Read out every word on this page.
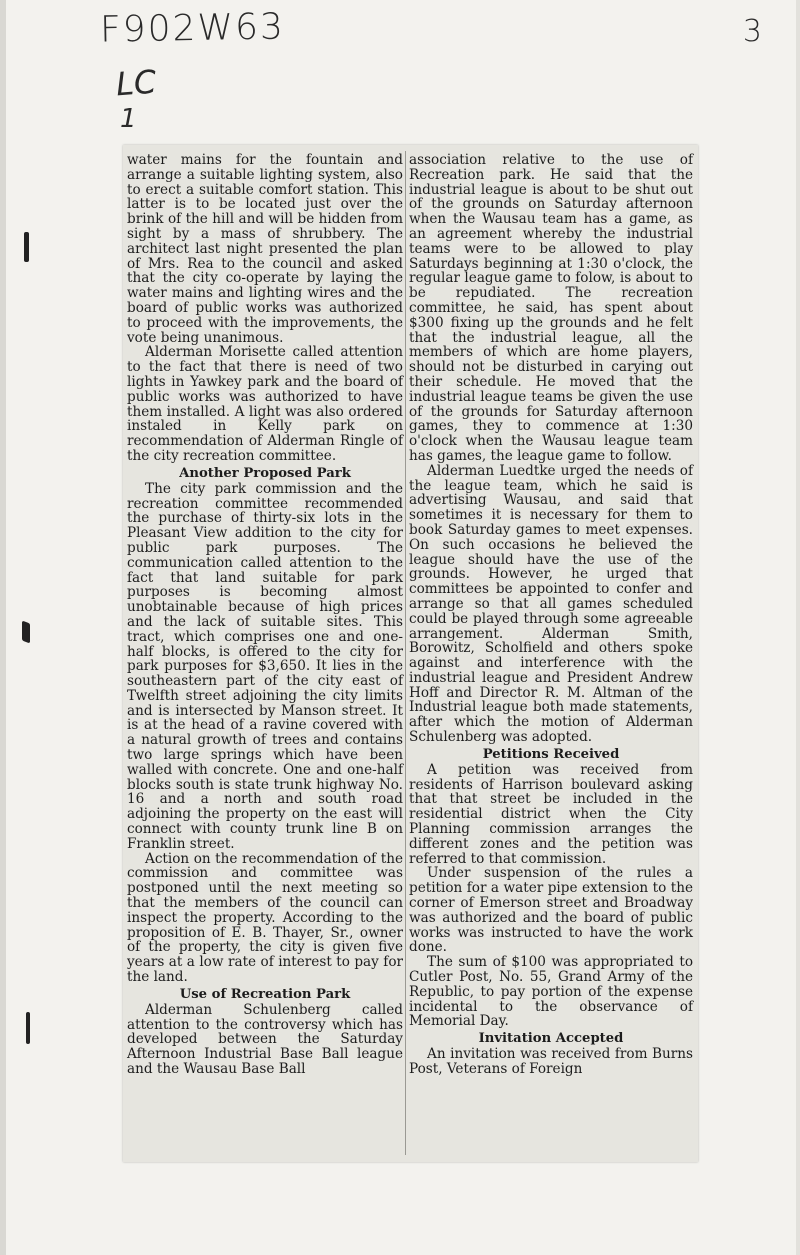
F902W63	3
LC
1

water mains for the fountain and arrange a suitable lighting system, also to erect a suitable comfort station. This latter is to be located just over the brink of the hill and will be hidden from sight by a mass of shrubbery. The architect last night presented the plan of Mrs. Rea to the council and asked that the city co-operate by laying the water mains and lighting wires and the board of public works was authorized to proceed with the improvements, the vote being unanimous.

Alderman Morisette called attention to the fact that there is need of two lights in Yawkey park and the board of public works was authorized to have them installed. A light was also ordered instaled in Kelly park on recommendation of Alderman Ringle of the city recreation committee.

Another Proposed Park

The city park commission and the recreation committee recommended the purchase of thirty-six lots in the Pleasant View addition to the city for public park purposes. The communication called attention to the fact that land suitable for park purposes is becoming almost unobtainable because of high prices and the lack of suitable sites. This tract, which comprises one and one-half blocks, is offered to the city for park purposes for $3,650. It lies in the southeastern part of the city east of Twelfth street adjoining the city limits and is intersected by Manson street. It is at the head of a ravine covered with a natural growth of trees and contains two large springs which have been walled with concrete. One and one-half blocks south is state trunk highway No. 16 and a north and south road adjoining the property on the east will connect with county trunk line B on Franklin street.

Action on the recommendation of the commission and committee was postponed until the next meeting so that the members of the council can inspect the property. According to the proposition of E. B. Thayer, Sr., owner of the property, the city is given five years at a low rate of interest to pay for the land.

Use of Recreation Park

Alderman Schulenberg called attention to the controversy which has developed between the Saturday Afternoon Industrial Base Ball league and the Wausau Base Ball

association relative to the use of Recreation park. He said that the industrial league is about to be shut out of the grounds on Saturday afternoon when the Wausau team has a game, as an agreement whereby the industrial teams were to be allowed to play Saturdays beginning at 1:30 o'clock, the regular league game to folow, is about to be repudiated. The recreation committee, he said, has spent about $300 fixing up the grounds and he felt that the industrial league, all the members of which are home players, should not be disturbed in carying out their schedule. He moved that the industrial league teams be given the use of the grounds for Saturday afternoon games, they to commence at 1:30 o'clock when the Wausau league team has games, the league game to follow.

Alderman Luedtke urged the needs of the league team, which he said is advertising Wausau, and said that sometimes it is necessary for them to book Saturday games to meet expenses. On such occasions he believed the league should have the use of the grounds. However, he urged that committees be appointed to confer and arrange so that all games scheduled could be played through some agreeable arrangement. Alderman Smith, Borowitz, Scholfield and others spoke against and interference with the industrial league and President Andrew Hoff and Director R. M. Altman of the Industrial league both made statements, after which the motion of Alderman Schulenberg was adopted.

Petitions Received

A petition was received from residents of Harrison boulevard asking that that street be included in the residential district when the City Planning commission arranges the different zones and the petition was referred to that commission.

Under suspension of the rules a petition for a water pipe extension to the corner of Emerson street and Broadway was authorized and the board of public works was instructed to have the work done.

The sum of $100 was appropriated to Cutler Post, No. 55, Grand Army of the Republic, to pay portion of the expense incidental to the observance of Memorial Day.

Invitation Accepted

An invitation was received from Burns Post, Veterans of Foreign
